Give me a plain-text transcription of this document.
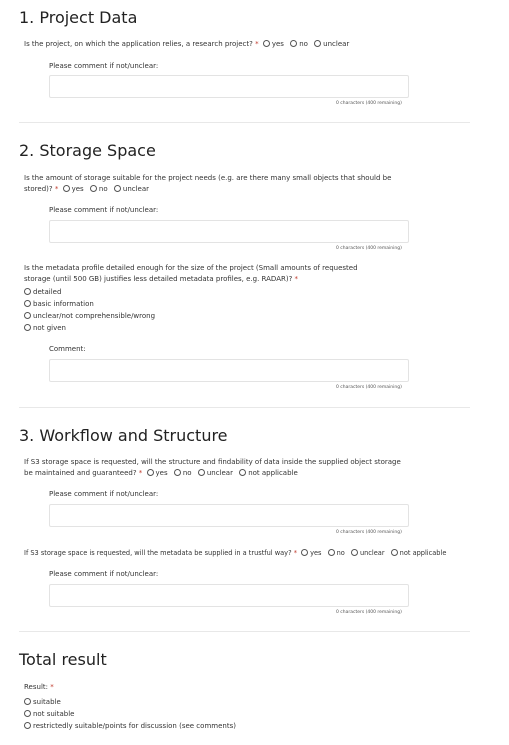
1. Project Data
Is the project, on which the application relies, a research project? * yes no unclear
Please comment if not/unclear:
0 characters (400 remaining)
2. Storage Space
Is the amount of storage suitable for the project needs (e.g. are there many small objects that should be stored)? * yes no unclear
Please comment if not/unclear:
0 characters (400 remaining)
Is the metadata profile detailed enough for the size of the project (Small amounts of requested storage (until 500 GB) justifies less detailed metadata profiles, e.g. RADAR)? *
detailed
basic information
unclear/not comprehensible/wrong
not given
Comment:
0 characters (400 remaining)
3. Workflow and Structure
If S3 storage space is requested, will the structure and findability of data inside the supplied object storage be maintained and guaranteed? * yes no unclear not applicable
Please comment if not/unclear:
0 characters (400 remaining)
If S3 storage space is requested, will the metadata be supplied in a trustful way? * yes no unclear not applicable
Please comment if not/unclear:
0 characters (400 remaining)
Total result
Result: *
suitable
not suitable
restrictedly suitable/points for discussion (see comments)
